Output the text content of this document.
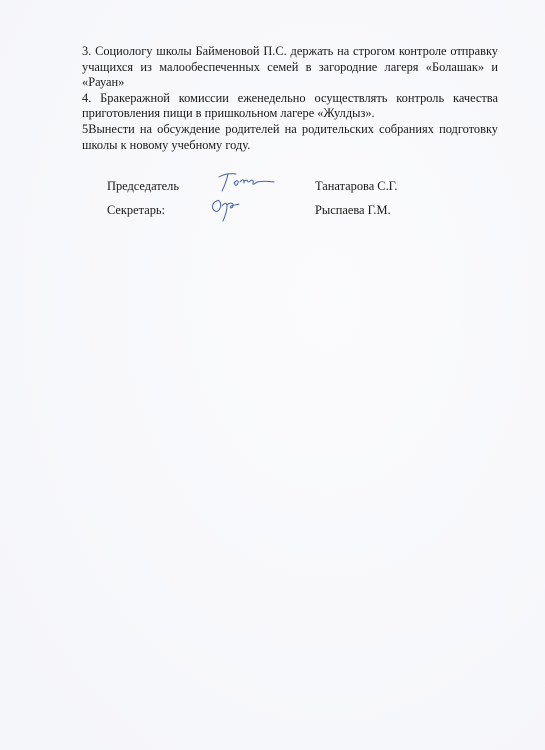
3. Социологу школы Байменовой П.С. держать на строгом контроле отправку учащихся из малообеспеченных семей в загородние лагеря «Болашак» и «Рауан»

4. Бракеражной комиссии еженедельно осуществлять контроль качества приготовления пищи в пришкольном лагере «Жулдыз».

5Вынести на обсуждение родителей на родительских собраниях подготовку школы к новому учебному году.

Председатель	Танатарова С.Г.
Секретарь:	Рыспаева Г.М.
